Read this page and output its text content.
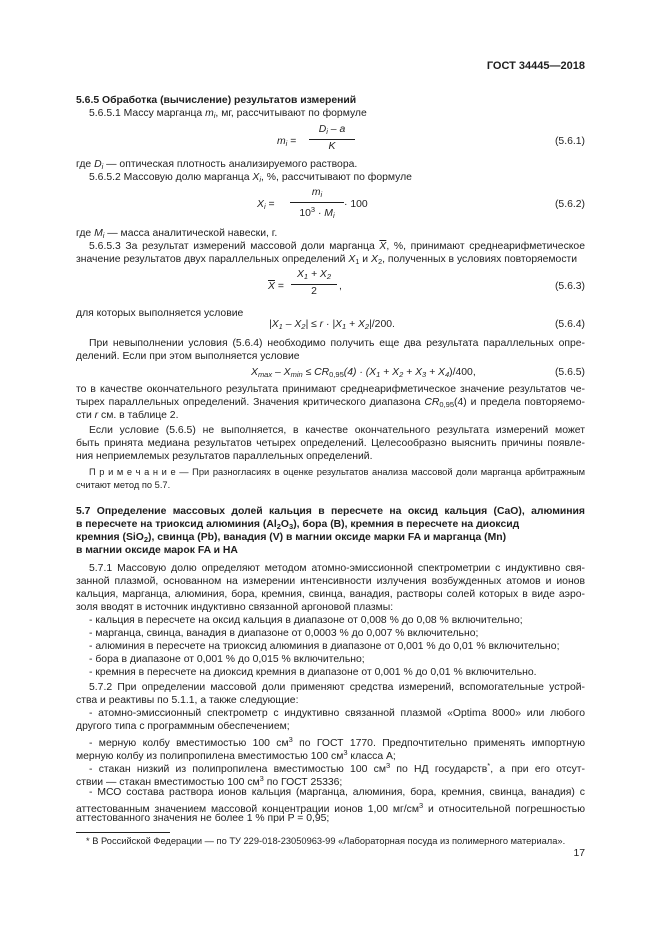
ГОСТ 34445—2018
5.6.5 Обработка (вычисление) результатов измерений
5.6.5.1 Массу марганца $m_i$, мг, рассчитывают по формуле
$m_i = \frac{D_i - a}{K}$	(5.6.1)
где $D_i$ — оптическая плотность анализируемого раствора.
5.6.5.2 Массовую долю марганца $X_i$, %, рассчитывают по формуле
$X_i = \frac{m_i}{10^3 \cdot M_i} \cdot 100$	(5.6.2)
где $M_i$ — масса аналитической навески, г.
5.6.5.3 За результат измерений массовой доли марганца $\overline{X}$, %, принимают среднеарифметическое
значение результатов двух параллельных определений $X_1$ и $X_2$, полученных в условиях повторяемости
$\overline{X} = \frac{X_1 + X_2}{2}$ ,	(5.6.3)
для которых выполняется условие
$|X_1 - X_2| \le r \cdot |X_1 + X_2|/200$.	(5.6.4)
При невыполнении условия (5.6.4) необходимо получить еще два результата параллельных опре-
делений. Если при этом выполняется условие
$X_{max} - X_{min} \le CR_{0,95}(4) \cdot (X_1 + X_2 + X_3 + X_4)/400$,	(5.6.5)
то в качестве окончательного результата принимают среднеарифметическое значение результатов че-
тырех параллельных определений. Значения критического диапазона $CR_{0,95}(4)$ и предела повторяемо-
сти r см. в таблице 2.
Если условие (5.6.5) не выполняется, в качестве окончательного результата измерений может
быть принята медиана результатов четырех определений. Целесообразно выяснить причины появле-
ния неприемлемых результатов параллельных определений.
П р и м е ч а н и е — При разногласиях в оценке результатов анализа массовой доли марганца арбитражным
считают метод по 5.7.
5.7 Определение массовых долей кальция в пересчете на оксид кальция (CaO), алюминия
в пересчете на триоксид алюминия $(Al_2O_3)$, бора (B), кремния в пересчете на диоксид
кремния (SiO$_2$), свинца (Pb), ванадия (V) в магнии оксиде марки FA и марганца (Mn)
в магнии оксиде марок FA и HA
5.7.1 Массовую долю определяют методом атомно-эмиссионной спектрометрии с индуктивно свя-
занной плазмой, основанном на измерении интенсивности излучения возбужденных атомов и ионов
кальция, марганца, алюминия, бора, кремния, свинца, ванадия, растворы солей которых в виде аэро-
золя вводят в источник индуктивно связанной аргоновой плазмы:
- кальция в пересчете на оксид кальция в диапазоне от 0,008 % до 0,08 % включительно;
- марганца, свинца, ванадия в диапазоне от 0,0003 % до 0,007 % включительно;
- алюминия в пересчете на триоксид алюминия в диапазоне от 0,001 % до 0,01 % включительно;
- бора в диапазоне от 0,001 % до 0,015 % включительно;
- кремния в пересчете на диоксид кремния в диапазоне от 0,001 % до 0,01 % включительно.
5.7.2 При определении массовой доли применяют средства измерений, вспомогательные устрой-
ства и реактивы по 5.1.1, а также следующие:
- атомно-эмиссионный спектрометр с индуктивно связанной плазмой «Optima 8000» или любого
другого типа с программным обеспечением;
- мерную колбу вместимостью 100 $см^3$ по ГОСТ 1770. Предпочтительно применять импортную
мерную колбу из полипропилена вместимостью 100 $см^3$ класса A;
- стакан низкий из полипропилена вместимостью 100 $см^3$ по НД государств*, а при его отсут-
ствии — стакан вместимостью 100 $см^3$ по ГОСТ 25336;
- МСО состава раствора ионов кальция (марганца, алюминия, бора, кремния, свинца, ванадия) с
аттестованным значением массовой концентрации ионов 1,00 $мг/см^3$ и относительной погрешностью
аттестованного значения не более 1 % при P = 0,95;
* В Российской Федерации — по ТУ 229-018-23050963-99 «Лабораторная посуда из полимерного материала».
17
